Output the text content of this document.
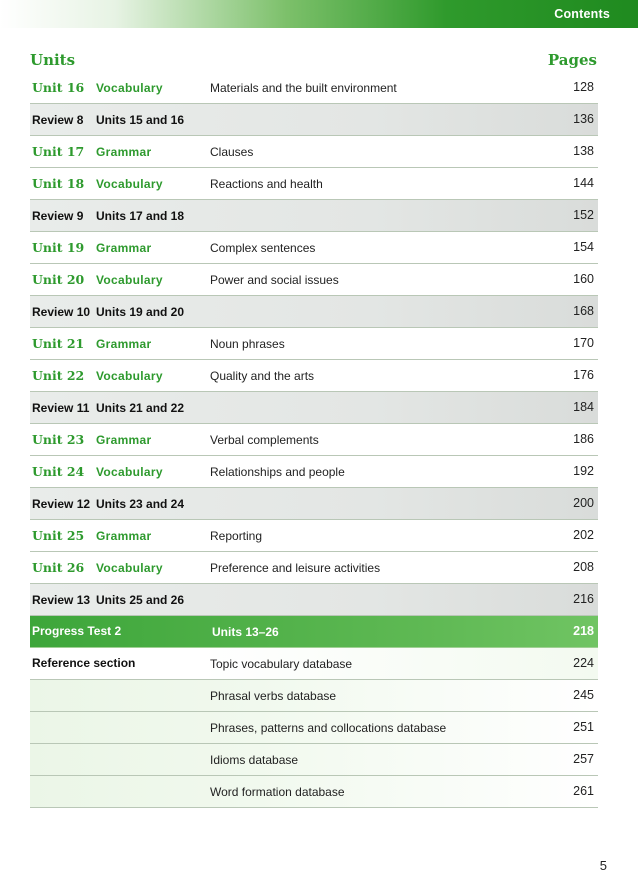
Contents
Units	Pages
Unit 16 Vocabulary	Materials and the built environment	128
Review 8 Units 15 and 16	136
Unit 17 Grammar	Clauses	138
Unit 18 Vocabulary	Reactions and health	144
Review 9 Units 17 and 18	152
Unit 19 Grammar	Complex sentences	154
Unit 20 Vocabulary	Power and social issues	160
Review 10 Units 19 and 20	168
Unit 21 Grammar	Noun phrases	170
Unit 22 Vocabulary	Quality and the arts	176
Review 11 Units 21 and 22	184
Unit 23 Grammar	Verbal complements	186
Unit 24 Vocabulary	Relationships and people	192
Review 12 Units 23 and 24	200
Unit 25 Grammar	Reporting	202
Unit 26 Vocabulary	Preference and leisure activities	208
Review 13 Units 25 and 26	216
Progress Test 2	Units 13–26	218
Reference section	Topic vocabulary database	224
Phrasal verbs database	245
Phrases, patterns and collocations database	251
Idioms database	257
Word formation database	261
5
